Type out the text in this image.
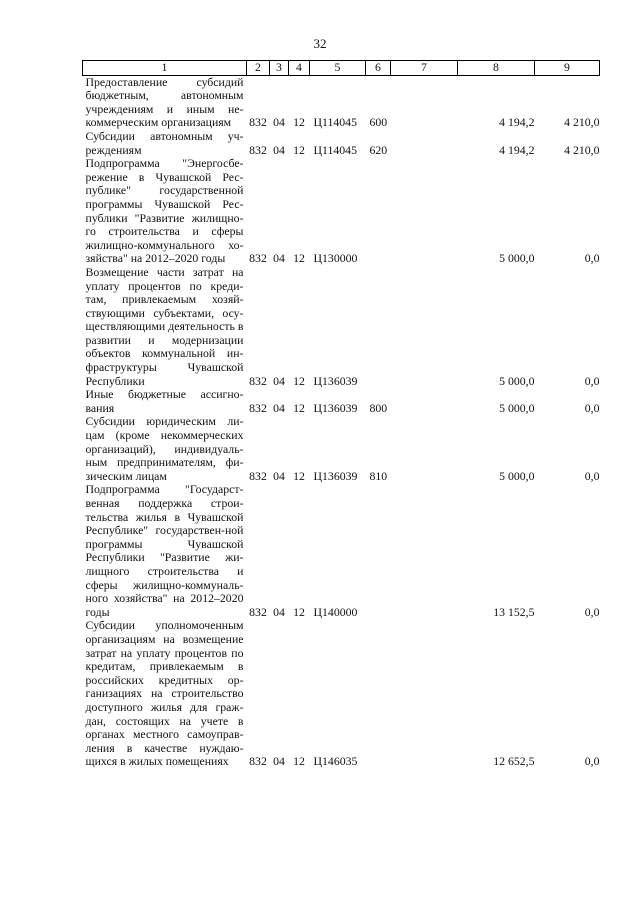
32
1	2	3	4	5	6	7	8	9
Предоставление субсидий бюджетным, автономным учреждениям и иным не-коммерческим организациям	832	04	12	Ц114045	600		4 194,2	4 210,0
Субсидии автономным уч-реждениям	832	04	12	Ц114045	620		4 194,2	4 210,0
Подпрограмма "Энергосбе-режение в Чувашской Рес-публике" государственной программы Чувашской Рес-публики "Развитие жилищно-го строительства и сферы жилищно-коммунального хо-зяйства" на 2012–2020 годы	832	04	12	Ц130000			5 000,0	0,0
Возмещение части затрат на уплату процентов по креди-там, привлекаемым хозяй-ствующими субъектами, осу-ществляющими деятельность в развитии и модернизации объектов коммунальной ин-фраструктуры Чувашской Республики	832	04	12	Ц136039			5 000,0	0,0
Иные бюджетные ассигно-вания	832	04	12	Ц136039	800		5 000,0	0,0
Субсидии юридическим ли-цам (кроме некоммерческих организаций), индивидуаль-ным предпринимателям, фи-зическим лицам	832	04	12	Ц136039	810		5 000,0	0,0
Подпрограмма "Государст-венная поддержка строи-тельства жилья в Чувашской Республике" государствен-ной программы Чувашской Республики "Развитие жи-лищного строительства и сферы жилищно-коммуналь-ного хозяйства" на 2012–2020 годы	832	04	12	Ц140000			13 152,5	0,0
Субсидии уполномоченным организациям на возмещение затрат на уплату процентов по кредитам, привлекаемым в российских кредитных ор-ганизациях на строительство доступного жилья для граж-дан, состоящих на учете в органах местного самоуправ-ления в качестве нуждаю-щихся в жилых помещениях	832	04	12	Ц146035			12 652,5	0,0
